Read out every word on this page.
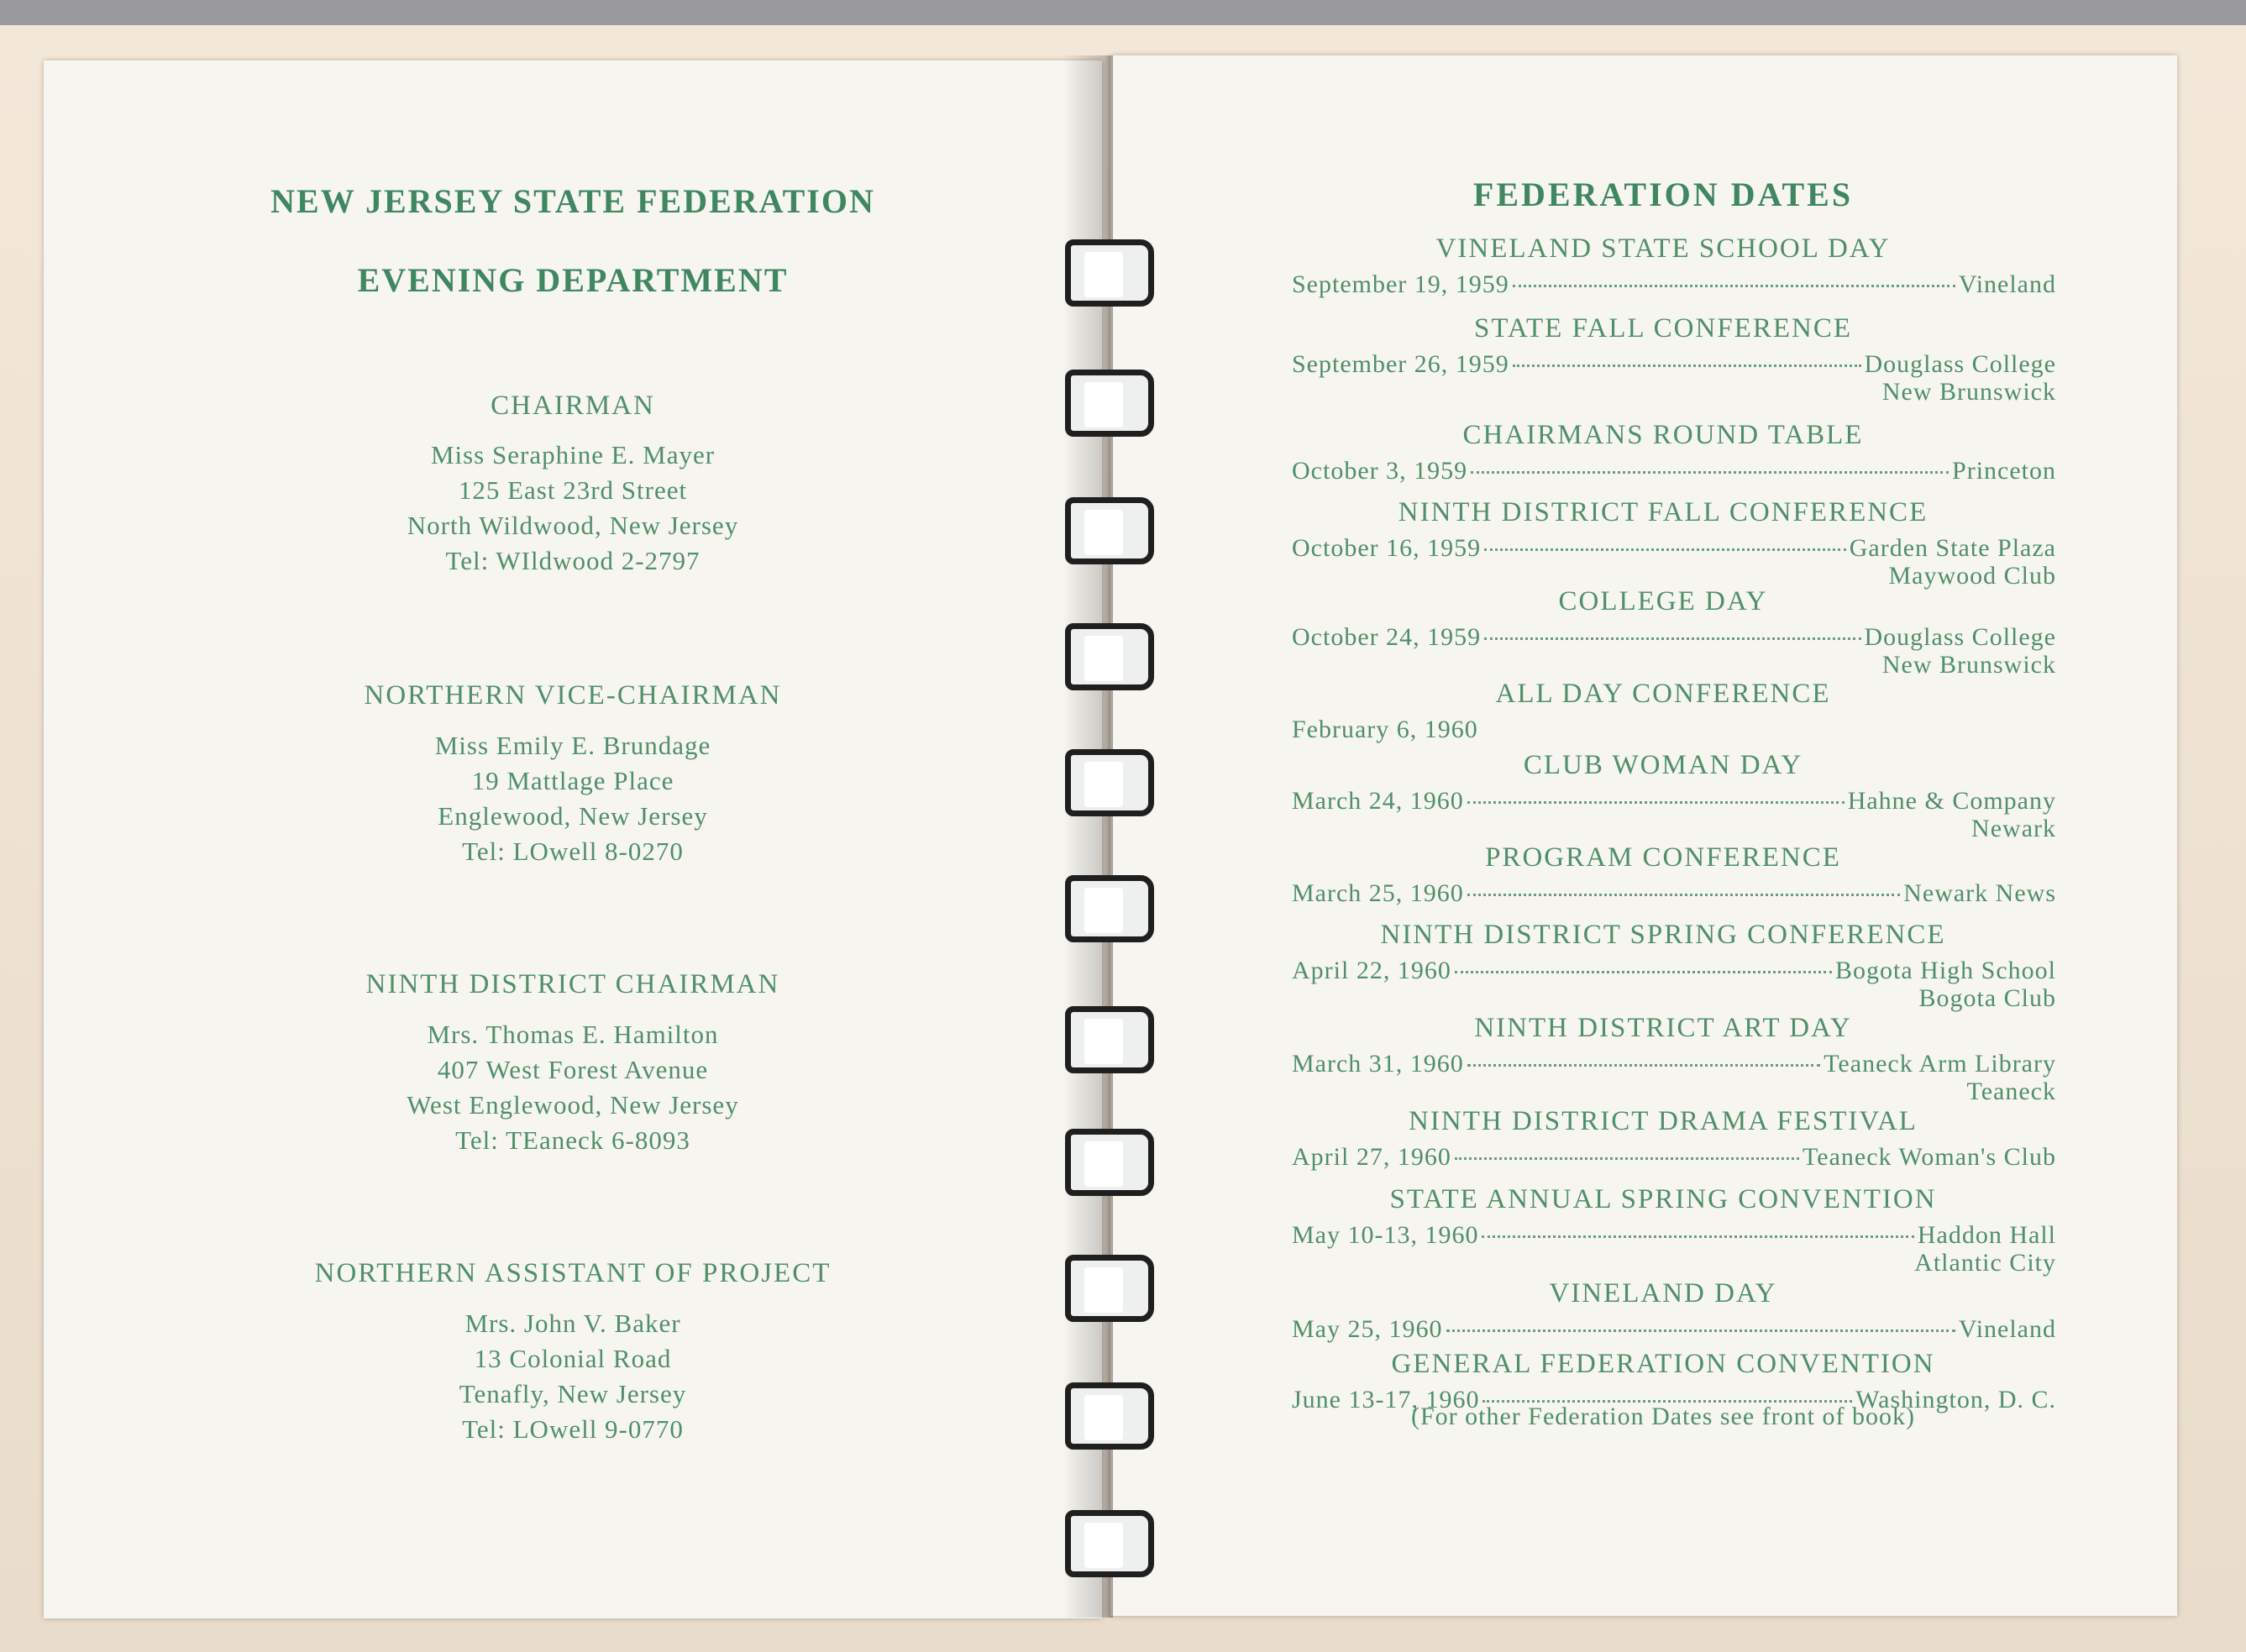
NEW JERSEY STATE FEDERATION
EVENING DEPARTMENT
CHAIRMAN
Miss Seraphine E. Mayer
125 East 23rd Street
North Wildwood, New Jersey
Tel: WIldwood 2-2797
NORTHERN VICE-CHAIRMAN
Miss Emily E. Brundage
19 Mattlage Place
Englewood, New Jersey
Tel: LOwell 8-0270
NINTH DISTRICT CHAIRMAN
Mrs. Thomas E. Hamilton
407 West Forest Avenue
West Englewood, New Jersey
Tel: TEaneck 6-8093
NORTHERN ASSISTANT OF PROJECT
Mrs. John V. Baker
13 Colonial Road
Tenafly, New Jersey
Tel: LOwell 9-0770
FEDERATION DATES
VINELAND STATE SCHOOL DAY
September 19, 1959	Vineland
STATE FALL CONFERENCE
September 26, 1959	Douglass College
New Brunswick
CHAIRMANS ROUND TABLE
October 3, 1959	Princeton
NINTH DISTRICT FALL CONFERENCE
October 16, 1959	Garden State Plaza
Maywood Club
COLLEGE DAY
October 24, 1959	Douglass College
New Brunswick
ALL DAY CONFERENCE
February 6, 1960
CLUB WOMAN DAY
March 24, 1960	Hahne & Company
Newark
PROGRAM CONFERENCE
March 25, 1960	Newark News
NINTH DISTRICT SPRING CONFERENCE
April 22, 1960	Bogota High School
Bogota Club
NINTH DISTRICT ART DAY
March 31, 1960	Teaneck Arm Library
Teaneck
NINTH DISTRICT DRAMA FESTIVAL
April 27, 1960	Teaneck Woman's Club
STATE ANNUAL SPRING CONVENTION
May 10-13, 1960	Haddon Hall
Atlantic City
VINELAND DAY
May 25, 1960	Vineland
GENERAL FEDERATION CONVENTION
June 13-17, 1960	Washington, D. C.
(For other Federation Dates see front of book)
